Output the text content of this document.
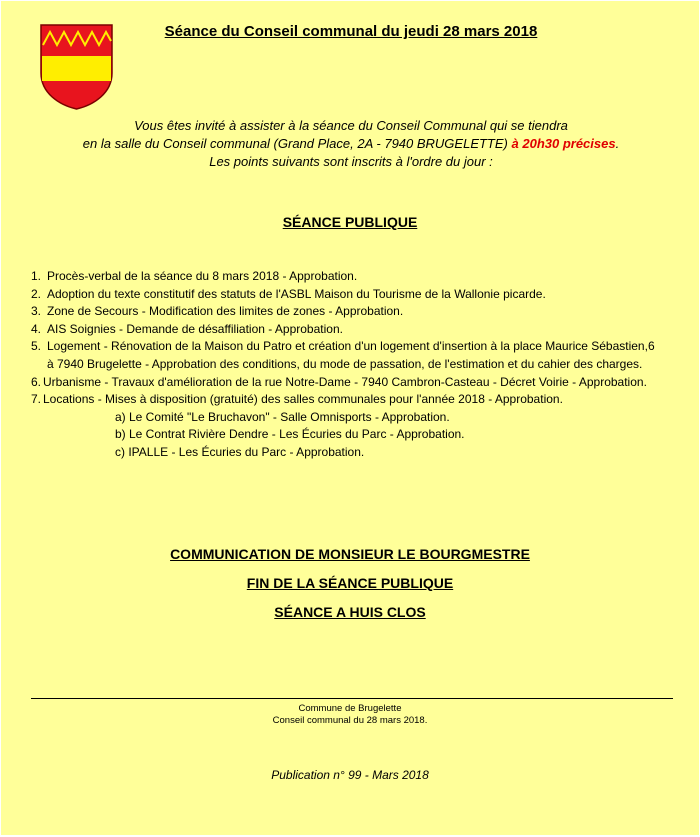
Séance du Conseil communal du jeudi 28 mars 2018
Vous êtes invité à assister à la séance du Conseil Communal qui se tiendra
en la salle du Conseil communal (Grand Place, 2A - 7940 BRUGELETTE) à 20h30 précises.
Les points suivants sont inscrits à l'ordre du jour :
SÉANCE PUBLIQUE
1. Procès-verbal de la séance du 8 mars 2018 - Approbation.
2. Adoption du texte constitutif des statuts de l'ASBL Maison du Tourisme de la Wallonie picarde.
3. Zone de Secours - Modification des limites de zones - Approbation.
4. AIS Soignies - Demande de désaffiliation - Approbation.
5. Logement - Rénovation de la Maison du Patro et création d'un logement d'insertion à la place Maurice Sébastien,6 à 7940 Brugelette - Approbation des conditions, du mode de passation, de l'estimation et du cahier des charges.
6. Urbanisme - Travaux d'amélioration de la rue Notre-Dame - 7940 Cambron-Casteau - Décret Voirie - Approbation.
7. Locations - Mises à disposition (gratuité) des salles communales pour l'année 2018 - Approbation.
a) Le Comité "Le Bruchavon" - Salle Omnisports - Approbation.
b) Le Contrat Rivière Dendre - Les Écuries du Parc - Approbation.
c) IPALLE - Les Écuries du Parc - Approbation.
COMMUNICATION DE MONSIEUR LE BOURGMESTRE
FIN DE LA SÉANCE PUBLIQUE
SÉANCE A HUIS CLOS
Commune de Brugelette
Conseil communal du 28 mars 2018.
Publication n° 99 - Mars 2018
